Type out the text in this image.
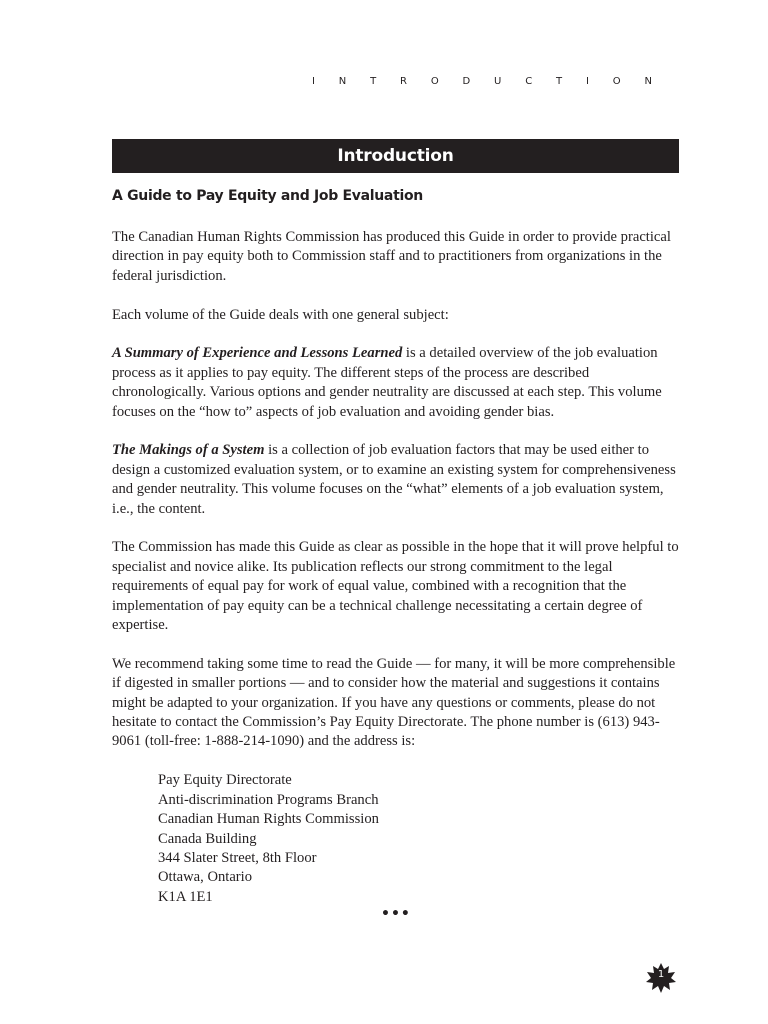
I N T R O D U C T I O N
Introduction
A Guide to Pay Equity and Job Evaluation

The Canadian Human Rights Commission has produced this Guide in order to provide practical direction in pay equity both to Commission staff and to practitioners from organizations in the federal jurisdiction.

Each volume of the Guide deals with one general subject:

A Summary of Experience and Lessons Learned is a detailed overview of the job evaluation process as it applies to pay equity. The different steps of the process are described chronologically. Various options and gender neutrality are discussed at each step. This volume focuses on the “how to” aspects of job evaluation and avoiding gender bias.

The Makings of a System is a collection of job evaluation factors that may be used either to design a customized evaluation system, or to examine an existing system for comprehensiveness and gender neutrality. This volume focuses on the “what” elements of a job evaluation system, i.e., the content.

The Commission has made this Guide as clear as possible in the hope that it will prove helpful to specialist and novice alike. Its publication reflects our strong commitment to the legal requirements of equal pay for work of equal value, combined with a recognition that the implementation of pay equity can be a technical challenge necessitating a certain degree of expertise.

We recommend taking some time to read the Guide — for many, it will be more comprehensible if digested in smaller portions — and to consider how the material and suggestions it contains might be adapted to your organization. If you have any questions or comments, please do not hesitate to contact the Commission’s Pay Equity Directorate. The phone number is (613) 943-9061 (toll-free: 1-888-214-1090) and the address is:

Pay Equity Directorate
Anti-discrimination Programs Branch
Canadian Human Rights Commission
Canada Building
344 Slater Street, 8th Floor
Ottawa, Ontario
K1A 1E1
•••
1
